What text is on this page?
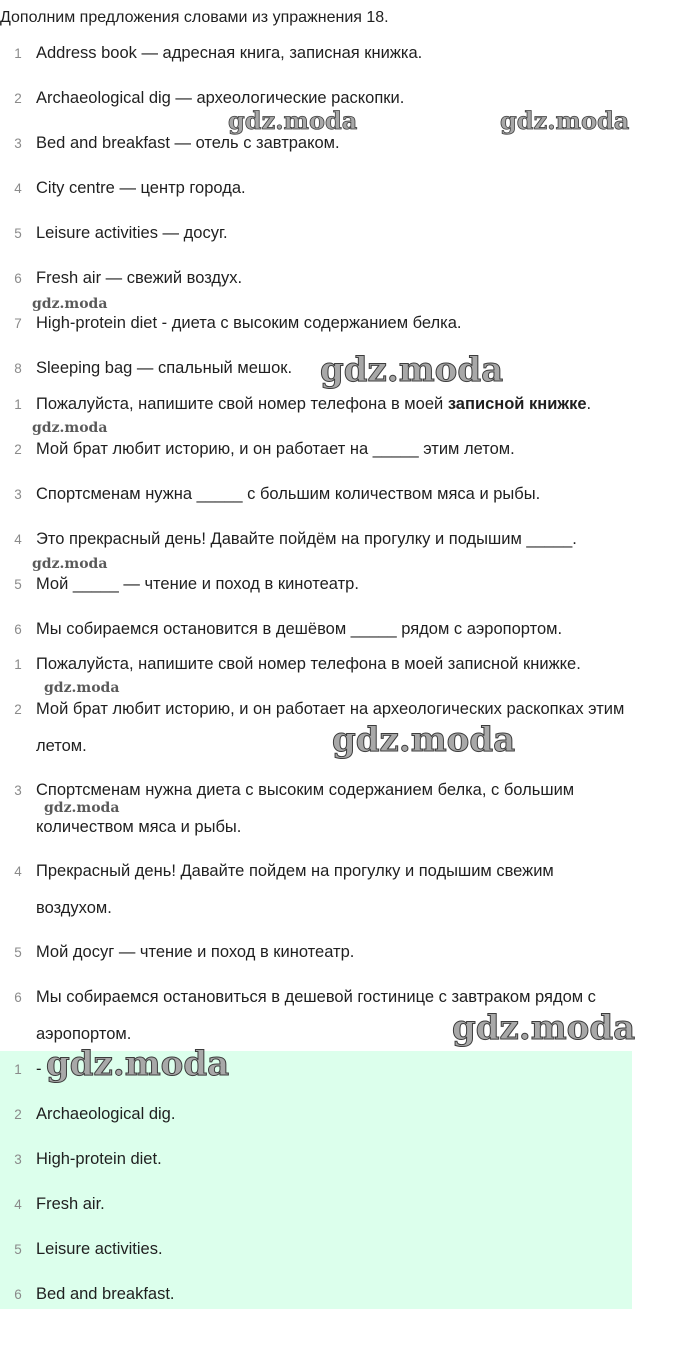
Дополним предложения словами из упражнения 18.

1 Address book — адресная книга, записная книжка.
2 Archaeological dig — археологические раскопки.
3 Bed and breakfast — отель с завтраком.
4 City centre — центр города.
5 Leisure activities — досуг.
6 Fresh air — свежий воздух.
7 High-protein diet - диета с высоким содержанием белка.
8 Sleeping bag — спальный мешок.
1 Пожалуйста, напишите свой номер телефона в моей записной книжке.
2 Мой брат любит историю, и он работает на _____ этим летом.
3 Спортсменам нужна _____ с большим количеством мяса и рыбы.
4 Это прекрасный день! Давайте пойдём на прогулку и подышим _____.
5 Мой _____ — чтение и поход в кинотеатр.
6 Мы собираемся остановится в дешёвом _____ рядом с аэропортом.
1 Пожалуйста, напишите свой номер телефона в моей записной книжке.
2 Мой брат любит историю, и он работает на археологических раскопках этим летом.
3 Спортсменам нужна диета с высоким содержанием белка, с большим
количеством мяса и рыбы.
4 Прекрасный день! Давайте пойдем на прогулку и подышим свежим воздухом.
5 Мой досуг — чтение и поход в кинотеатр.
6 Мы собираемся остановиться в дешевой гостинице с завтраком рядом с аэропортом.
1 -
2 Archaeological dig.
3 High-protein diet.
4 Fresh air.
5 Leisure activities.
6 Bed and breakfast.
gdz.moda	gdz.moda
gdz.moda
gdz.moda
gdz.moda
gdz.moda
gdz.moda
gdz.moda
gdz.moda
gdz.moda
gdz.moda
